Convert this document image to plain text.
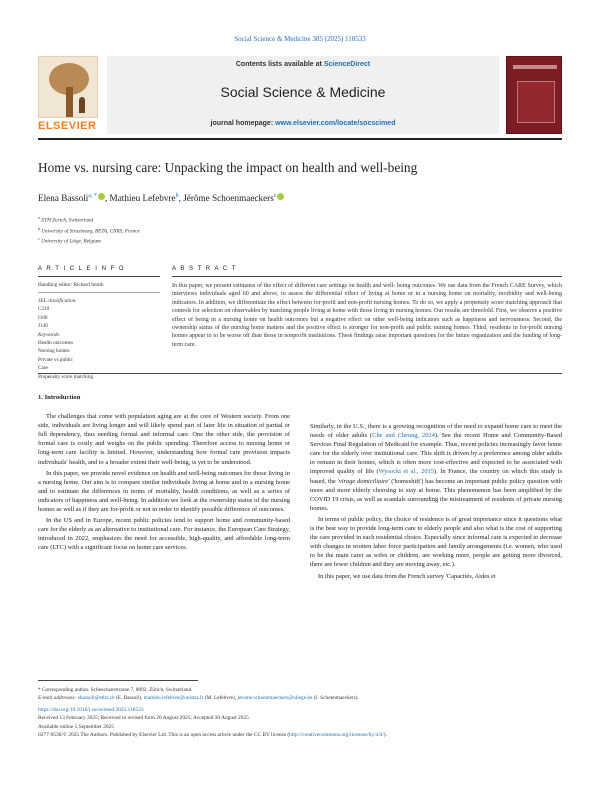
Social Science & Medicine 385 (2025) 118533
ELSEVIER
Contents lists available at ScienceDirect
Social Science & Medicine
journal homepage: www.elsevier.com/locate/socscimed
Home vs. nursing care: Unpacking the impact on health and well-being
Elena Bassoli$^{a, *}$ , Mathieu Lefebvre$^b$, Jérôme Schoenmaeckers$^c$
$^a$ ETH Zurich, Switzerland
$^b$ University of Strasbourg, BETA, CNRS, France
$^c$ University of Liège, Belgium
A R T I C L E I N F O
Handling editor: Richard Smith
JEL classification:
C210
I100
J140
Keywords:
Health outcomes
Nursing homes
Private vs public
Care
Propensity score matching
A B S T R A C T
In this paper, we present estimates of the effect of different care settings on health and well- being outcomes. We use data from the French CARE Survey, which interviews individuals aged 60 and above, to assess the differential effect of living at home or in a nursing home on mortality, morbidity and well-being indicators. In addition, we differentiate the effect between for-profit and non-profit nursing homes. To do so, we apply a propensity score matching approach that controls for selection on observables by matching people living at home with those living in nursing homes. Our results are threefold. First, we observe a positive effect of being in a nursing home on health outcomes but a negative effect on other well-being indicators such as happiness and nervousness. Second, the ownership status of the nursing home matters and the positive effect is stronger for non-profit and public nursing homes. Third, residents in for-profit nursing homes appear to to be worse off than those in nonprofit institutions. These findings raise important questions for the future organization and the funding of long-term care.

1. Introduction

The challenges that come with population aging are at the core of Western society. From one side, individuals are living longer and will likely spend part of later life in situation of partial or full dependency, thus needing formal and informal care. One the other side, the provision of formal care is costly and weighs on the public spending. Therefore access to nursing home or long-term care facility is limited. However, understanding how formal care provision impacts individuals' health, and to a broader extent their well-being, is yet to be understood.

In this paper, we provide novel evidence on health and well-being outcomes for those living in a nursing home. Our aim is to compare similar individuals living at home and in a nursing home and to estimate the differences in terms of mortality, health conditions, as well as a series of indicators of happiness and well-being. In addition we look at the ownership status of the nursing homes as well as if they are for-profit or not in order to identify possible difference of outcomes.

In the US and in Europe, recent public policies tend to support home and community-based care for the elderly as an alternative to institutional care. For instance, the European Care Strategy, introduced in 2022, emphasizes the need for accessible, high-quality, and affordable long-term care (LTC) with a significant focus on home care services.

Similarly, in the U.S., there is a growing recognition of the need to expand home care to meet the needs of older adults (Che and Cheung, 2024). See the recent Home and Community-Based Services Final Regulation of Medicaid for example. Thus, recent policies increasingly favor home care for the elderly over institutional care. This shift is driven by a preference among older adults to remain in their homes, which is often more cost-effective and expected to be associated with improved quality of life (Wysocki et al., 2015). In France, the country on which this study is based, the 'virage domiciliaire' ('homeshift') has become an important public policy question with more and more elderly choosing to stay at home. This phenomenon has been amplified by the COVID 19 crisis, as well as scandals surrounding the mistreatment of residents of private nursing homes.

In terms of public policy, the choice of residence is of great importance since it questions what is the best way to provide long-term care to elderly people and also what is the cost of supporting the care provided in each residential choice. Especially since informal care is expected to decrease with changes in women labor force participation and family arrangements (i.e. women, who used to be the main carer as wifes or children, are working more, people are getting more divorced, there are fewer children and they are moving away, etc.).

In this paper, we use data from the French survey 'Capacités, Aides et

* Corresponding author. Scheuchzerstrasse 7, 8092, Zürich, Switzerland.
E-mail addresses: ebassoli@ethz.ch (E. Bassoli), mathieu.lefebvre@unistra.fr (M. Lefebvre), jerome.schoenmaeckers@uliege.be (J. Schoenmaeckers).
https://doi.org/10.1016/j.socscimed.2025.118533
Received 13 February 2025; Received in revised form 20 August 2025; Accepted 30 August 2025
Available online 5 September 2025
0277-9536/© 2025 The Authors. Published by Elsevier Ltd. This is an open access article under the CC BY license (http://creativecommons.org/licenses/by/4.0/).
